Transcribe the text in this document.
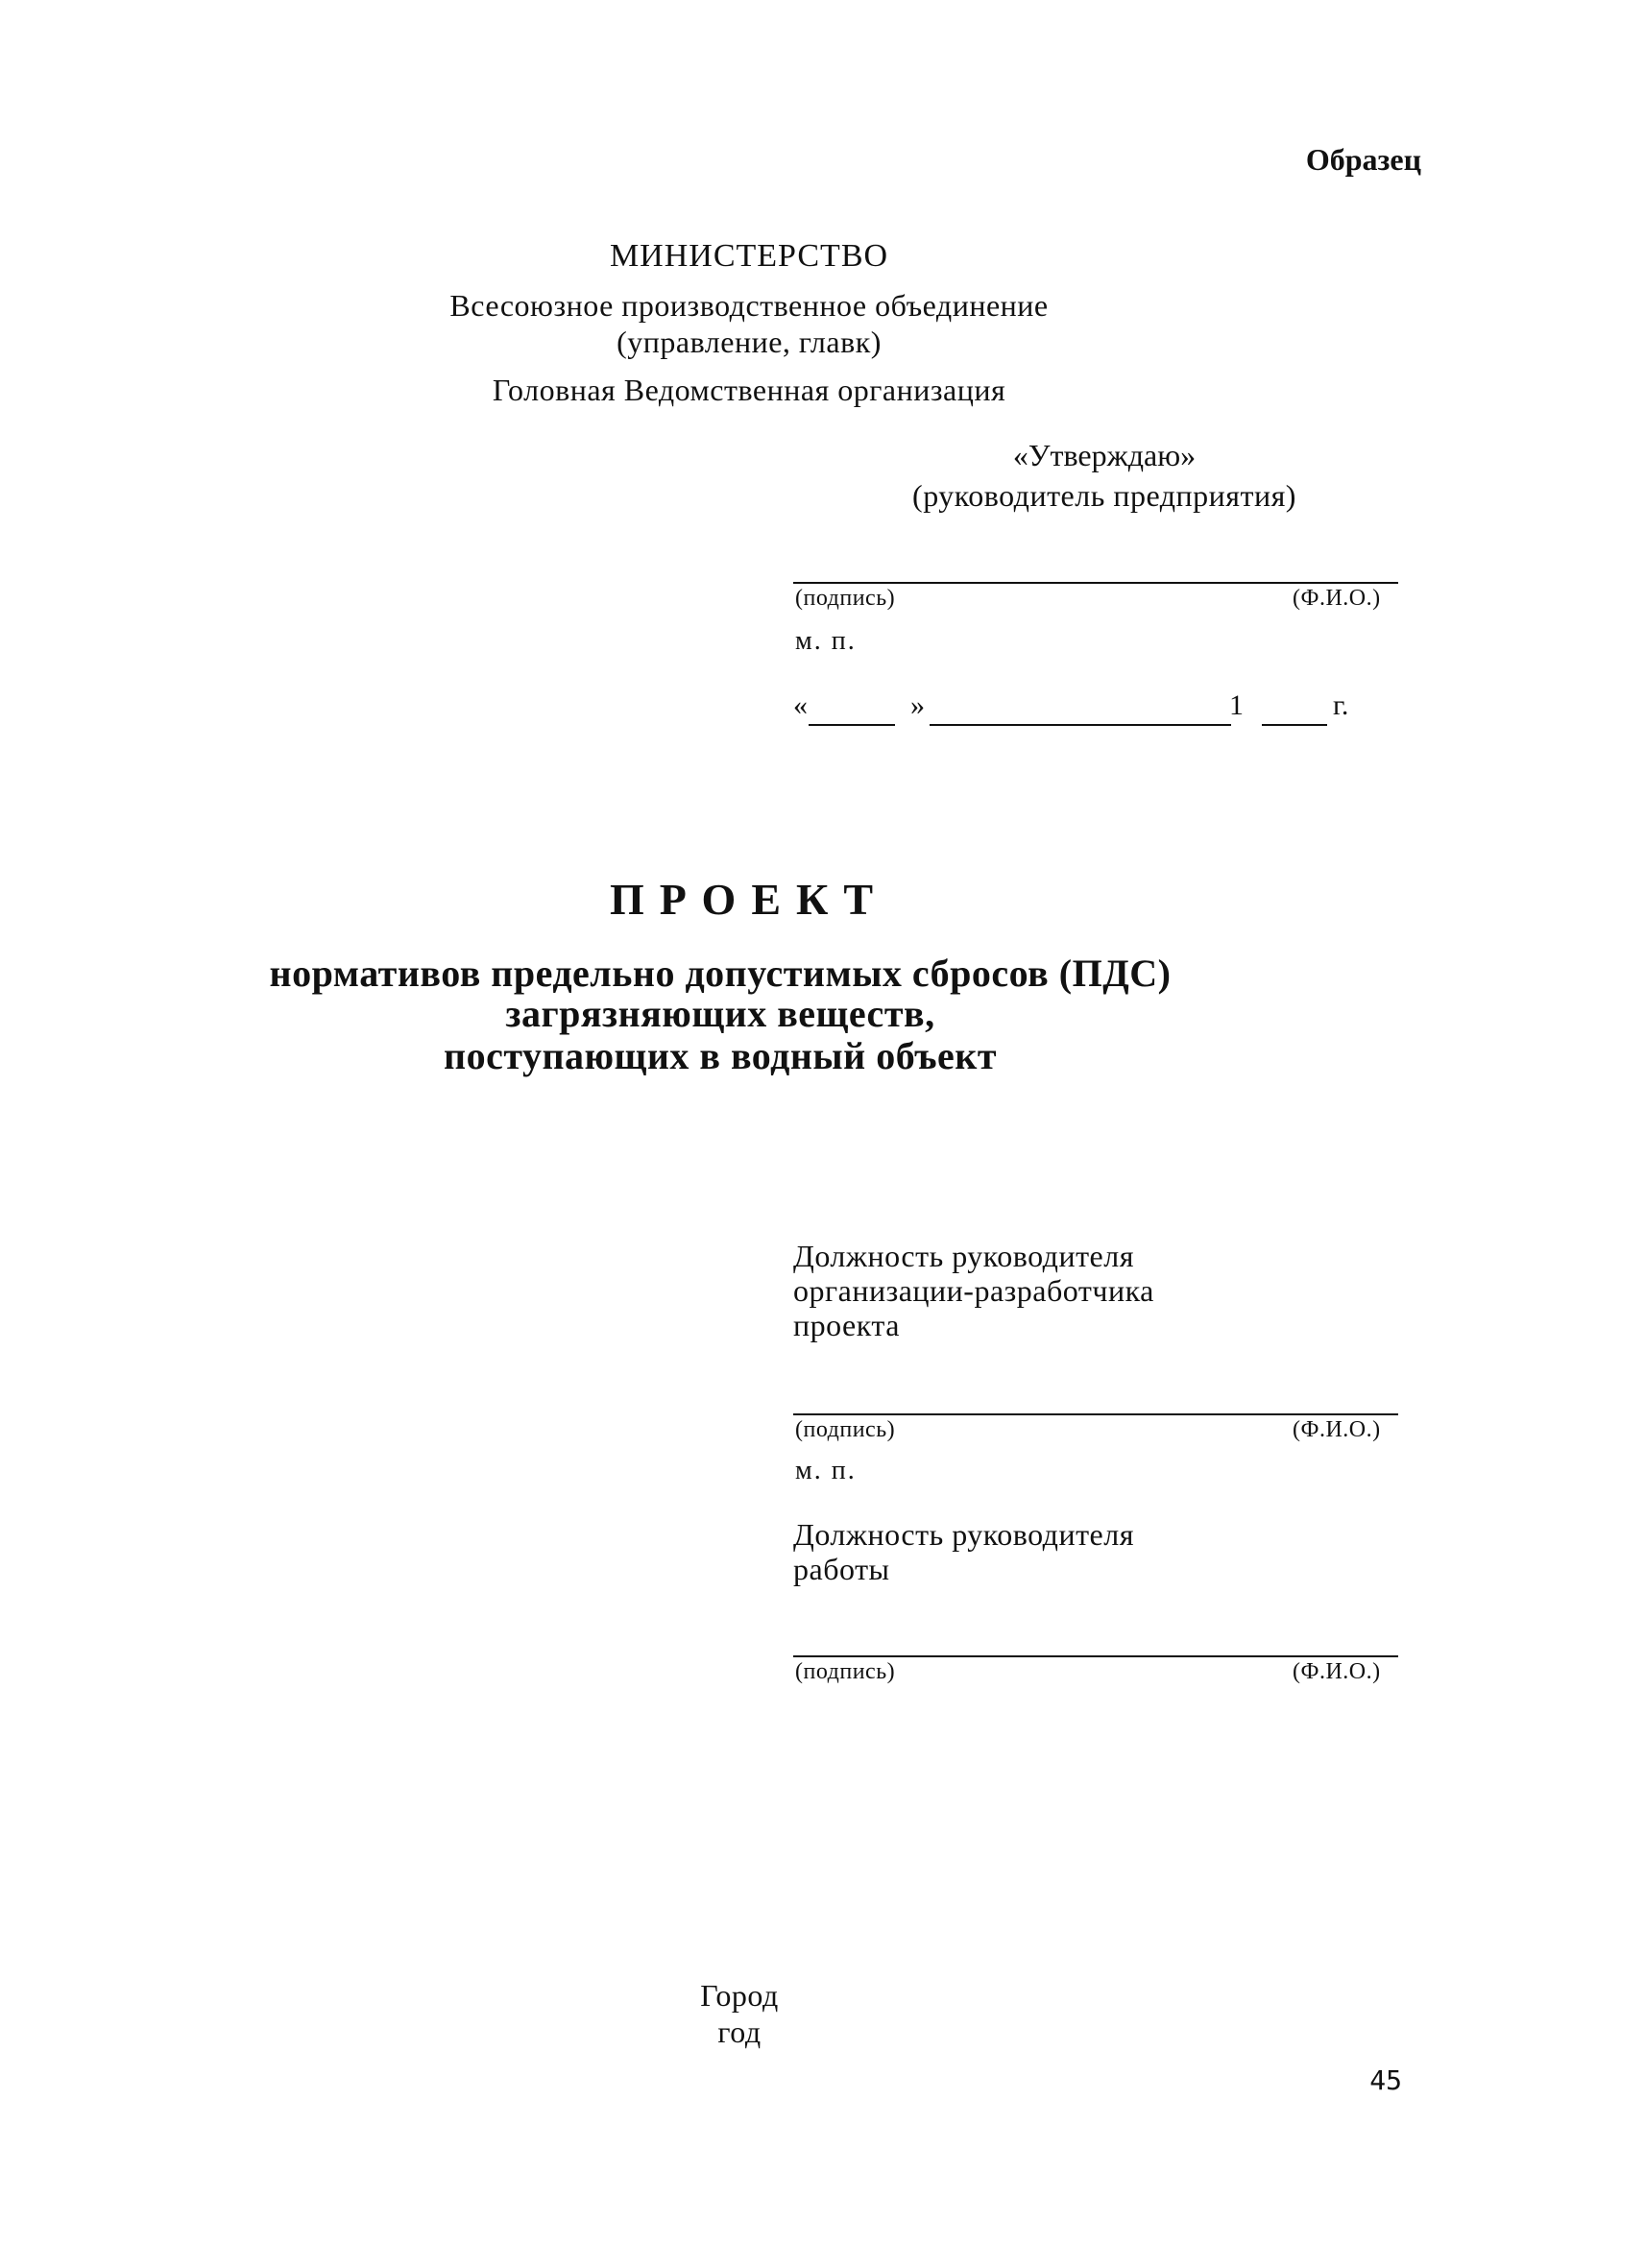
Образец
МИНИСТЕРСТВО
Всесоюзное производственное объединение
(управление, главк)
Головная Ведомственная организация
«Утверждаю»
(руководитель предприятия)
(подпись)	(Ф.И.О.)
м. п.
«	»	1	г.
ПРОЕКТ
нормативов предельно допустимых сбросов (ПДС)
загрязняющих веществ,
поступающих в водный объект
Должность руководителя
организации-разработчика
проекта
(подпись)	(Ф.И.О.)
м. п.
Должность руководителя
работы
(подпись)	(Ф.И.О.)
Город
год
45
